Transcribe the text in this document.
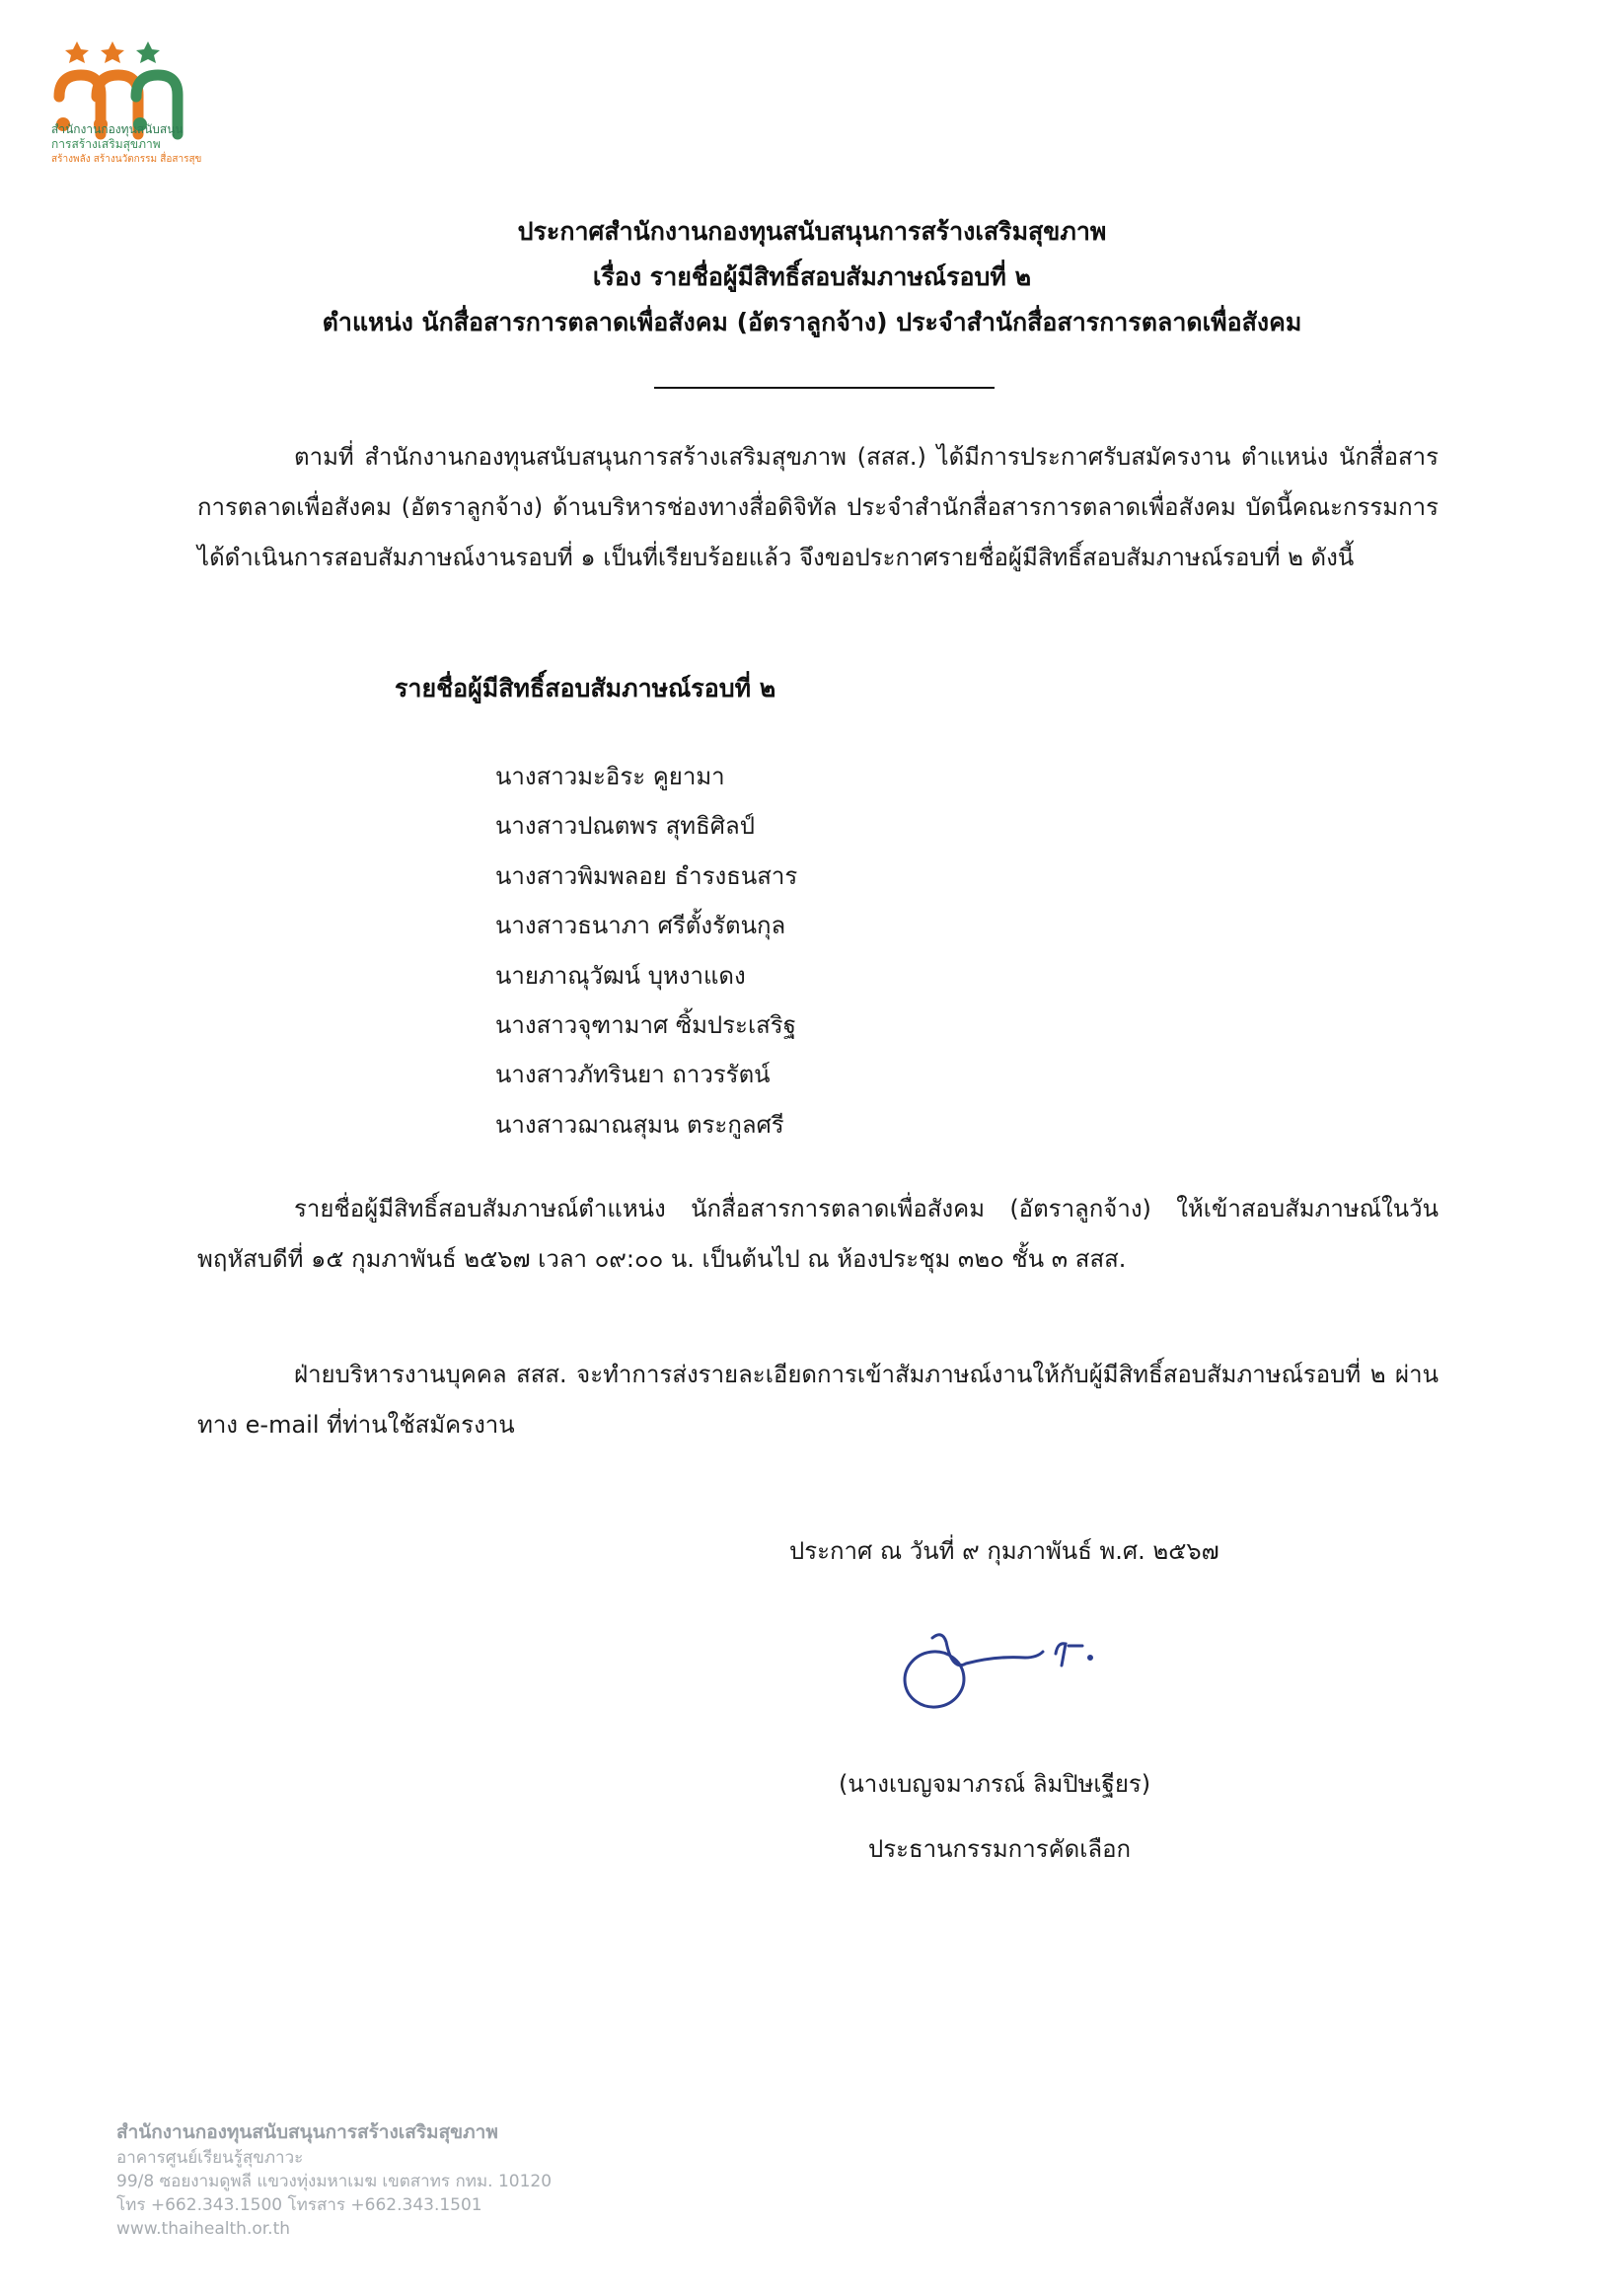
สำนักงานกองทุนสนับสนุน
การสร้างเสริมสุขภาพ
สร้างพลัง สร้างนวัตกรรม สื่อสารสุข
ประกาศสำนักงานกองทุนสนับสนุนการสร้างเสริมสุขภาพ
เรื่อง รายชื่อผู้มีสิทธิ์สอบสัมภาษณ์รอบที่ ๒
ตำแหน่ง นักสื่อสารการตลาดเพื่อสังคม (อัตราลูกจ้าง) ประจำสำนักสื่อสารการตลาดเพื่อสังคม
ตามที่ สำนักงานกองทุนสนับสนุนการสร้างเสริมสุขภาพ (สสส.) ได้มีการประกาศรับสมัครงาน ตำแหน่ง นักสื่อสารการตลาดเพื่อสังคม (อัตราลูกจ้าง) ด้านบริหารช่องทางสื่อดิจิทัล ประจำสำนักสื่อสารการตลาดเพื่อสังคม บัดนี้คณะกรรมการได้ดำเนินการสอบสัมภาษณ์งานรอบที่ ๑ เป็นที่เรียบร้อยแล้ว จึงขอประกาศรายชื่อผู้มีสิทธิ์สอบสัมภาษณ์รอบที่ ๒ ดังนี้
รายชื่อผู้มีสิทธิ์สอบสัมภาษณ์รอบที่ ๒
นางสาวมะอิระ คูยามา
นางสาวปณตพร สุทธิศิลป์
นางสาวพิมพลอย ธำรงธนสาร
นางสาวธนาภา ศรีตั้งรัตนกุล
นายภาณุวัฒน์ บุหงาแดง
นางสาวจุฑามาศ ซิ้มประเสริฐ
นางสาวภัทรินยา ถาวรรัตน์
นางสาวฌาณสุมน ตระกูลศรี
รายชื่อผู้มีสิทธิ์สอบสัมภาษณ์ตำแหน่ง นักสื่อสารการตลาดเพื่อสังคม (อัตราลูกจ้าง) ให้เข้าสอบสัมภาษณ์ในวันพฤหัสบดีที่ ๑๕ กุมภาพันธ์ ๒๕๖๗ เวลา ๐๙:๐๐ น. เป็นต้นไป ณ ห้องประชุม ๓๒๐ ชั้น ๓ สสส.
ฝ่ายบริหารงานบุคคล สสส. จะทำการส่งรายละเอียดการเข้าสัมภาษณ์งานให้กับผู้มีสิทธิ์สอบสัมภาษณ์รอบที่ ๒ ผ่านทาง e-mail ที่ท่านใช้สมัครงาน
ประกาศ ณ วันที่ ๙ กุมภาพันธ์ พ.ศ. ๒๕๖๗
(นางเบญจมาภรณ์ ลิมปิษเฐียร)
ประธานกรรมการคัดเลือก
สำนักงานกองทุนสนับสนุนการสร้างเสริมสุขภาพ
อาคารศูนย์เรียนรู้สุขภาวะ
99/8 ซอยงามดูพลี แขวงทุ่งมหาเมฆ เขตสาทร กทม. 10120
โทร +662.343.1500 โทรสาร +662.343.1501
www.thaihealth.or.th
